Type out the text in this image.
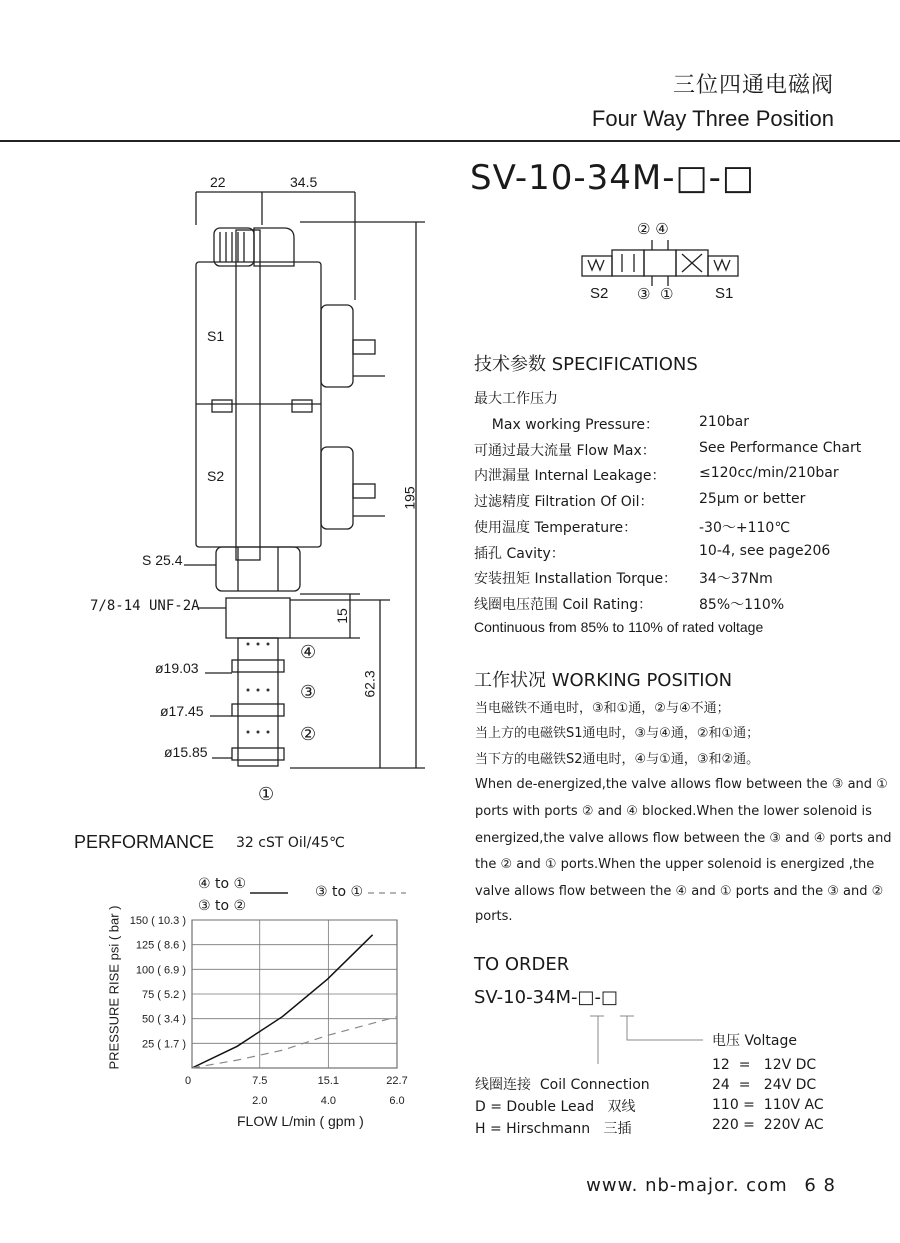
三位四通电磁阀
Four Way Three Position
SV-10-34M-□-□
22	34.5
195
15
62.3
S1
S2
S 25.4
7/8-14 UNF-2A
ø19.03
ø17.45
ø15.85
④
③
②
①
② ④
S2 ③  ①	S1
技术参数 SPECIFICATIONS
最大工作压力
Max working Pressure：	210bar
可通过最大流量 Flow Max：	See Performance Chart
内泄漏量 Internal Leakage： ≤120cc/min/210bar
过滤精度 Filtration Of Oil：	25μm or better
使用温度 Temperature：	-30～+110℃
插孔 Cavity：	10-4, see page206
安装扭矩 Installation Torque： 34～37Nm
线圈电压范围 Coil Rating：	85%～110%
Continuous from 85% to 110% of rated voltage
工作状况 WORKING POSITION
当电磁铁不通电时，③和①通，②与④不通；
当上方的电磁铁S1通电时，③与④通，②和①通；
当下方的电磁铁S2通电时，④与①通，③和②通。
When de-energized,the valve allows flow between the ③ and ①
ports with ports ② and ④ blocked.When the lower solenoid is
energized,the valve allows flow between the ③ and ④ ports and
the ② and ① ports.When the upper solenoid is energized ,the
valve allows flow between the ④ and ① ports and the ③ and ②
ports.
TO ORDER
SV-10-34M-□-□
电压 Voltage
12  =   12V DC
24  =   24V DC
110 =  110V AC
220 =  220V AC
线圈连接  Coil Connection
D = Double Lead   双线
H = Hirschmann   三插
PERFORMANCE 32 cST Oil/45℃
④ to ①
③ to ②
③ to ①
25 ( 1.7 )
50 ( 3.4 )
75 ( 5.2 )
100 ( 6.9 )
125 ( 8.6 )
150 ( 10.3 )
0	7.5	15.1	22.7
2.0	4.0	6.0
FLOW L/min ( gpm )
PRESSURE RISE psi ( bar )
www. nb-major. com 6 8
